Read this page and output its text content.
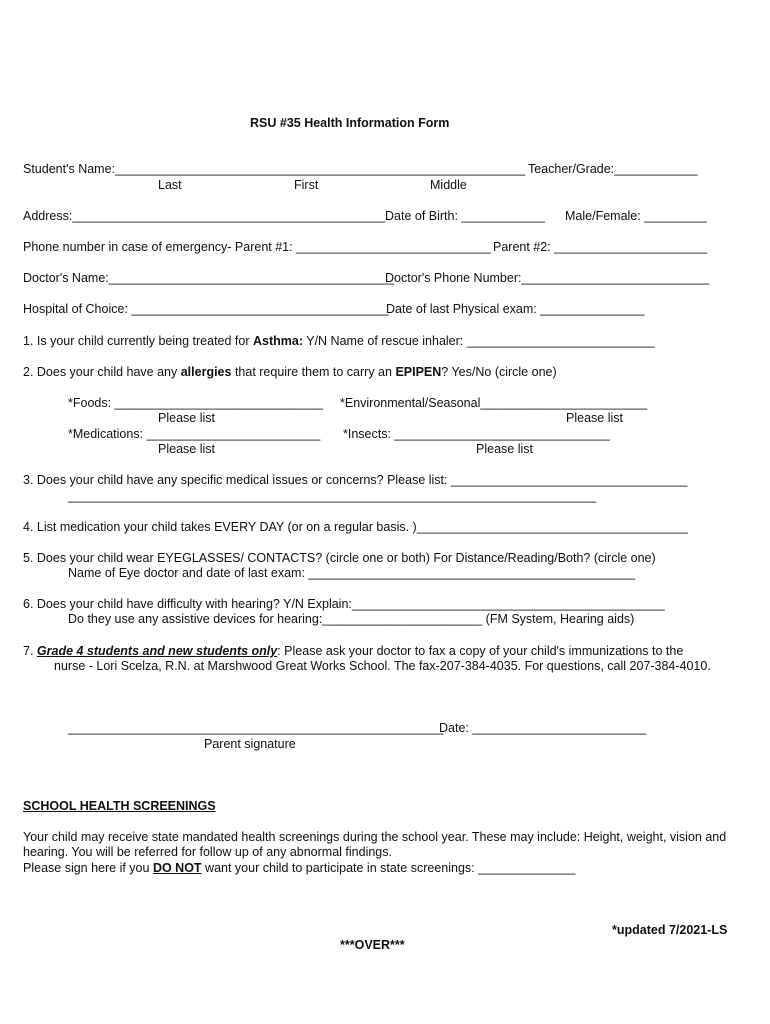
RSU #35 Health Information Form
Student's Name:___________________________________________________________ Teacher/Grade:____________
Last	First	Middle
Address:_____________________________________________ Date of Birth: ____________ Male/Female: _________
Phone number in case of emergency- Parent #1: ____________________________ Parent #2: ______________________
Doctor's Name:_________________________________________
Doctor's Phone Number:___________________________
Hospital of Choice: _____________________________________
Date of last Physical exam: _______________
1. Is your child currently being treated for Asthma: Y/N Name of rescue inhaler: ___________________________
2. Does your child have any allergies that require them to carry an EPIPEN? Yes/No (circle one)
*Foods: ______________________________ *Environmental/Seasonal________________________
Please list	Please list
*Medications: _________________________ *Insects: _______________________________
Please list	Please list
3. Does your child have any specific medical issues or concerns? Please list: __________________________________
____________________________________________________________________________
4. List medication your child takes EVERY DAY (or on a regular basis. )_______________________________________
5. Does your child wear EYEGLASSES/ CONTACTS? (circle one or both) For Distance/Reading/Both? (circle one)
Name of Eye doctor and date of last exam: _______________________________________________
6. Does your child have difficulty with hearing? Y/N Explain:_____________________________________________
Do they use any assistive devices for hearing:_______________________ (FM System, Hearing aids)
7. Grade 4 students and new students only: Please ask your doctor to fax a copy of your child's immunizations to the
nurse - Lori Scelza, R.N. at Marshwood Great Works School. The fax-207-384-4035. For questions, call 207-384-4010.
______________________________________________________
Date: _________________________
Parent signature
SCHOOL HEALTH SCREENINGS
Your child may receive state mandated health screenings during the school year. These may include: Height, weight, vision and
hearing. You will be referred for follow up of any abnormal findings.
Please sign here if you DO NOT want your child to participate in state screenings: ______________
*updated 7/2021-LS
***OVER***
